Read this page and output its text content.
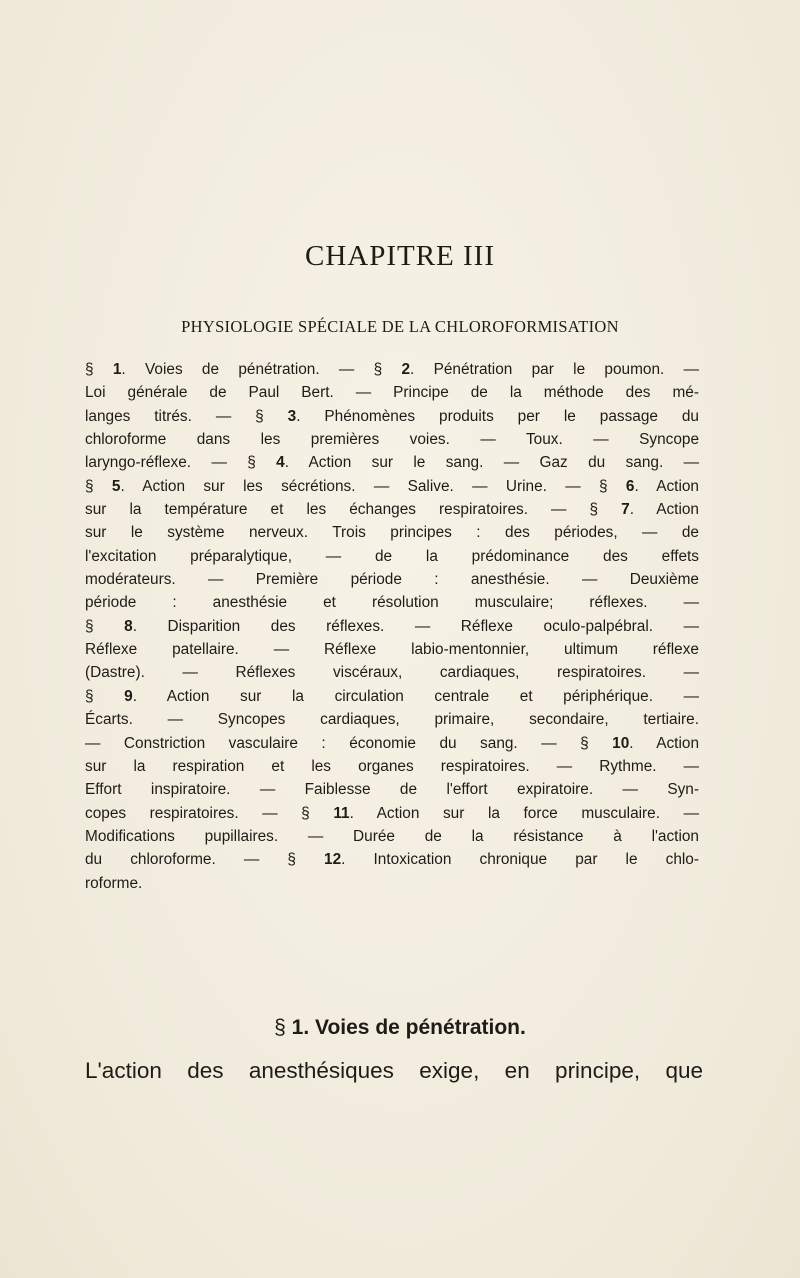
CHAPITRE III
PHYSIOLOGIE SPÉCIALE DE LA CHLOROFORMISATION
§ 1. Voies de pénétration. — § 2. Pénétration par le poumon. —
Loi générale de Paul Bert. — Principe de la méthode des mé-
langes titrés. — § 3. Phénomènes produits per le passage du
chloroforme dans les premières voies. — Toux. — Syncope
laryngo-réflexe. — § 4. Action sur le sang. — Gaz du sang. —
§ 5. Action sur les sécrétions. — Salive. — Urine. — § 6. Action
sur la température et les échanges respiratoires. — § 7. Action
sur le système nerveux. Trois principes : des périodes, — de
l'excitation préparalytique, — de la prédominance des effets
modérateurs. — Première période : anesthésie. — Deuxième
période : anesthésie et résolution musculaire; réflexes. —
§ 8. Disparition des réflexes. — Réflexe oculo-palpébral. —
Réflexe patellaire. — Réflexe labio-mentonnier, ultimum réflexe
(Dastre). — Réflexes viscéraux, cardiaques, respiratoires. —
§ 9. Action sur la circulation centrale et périphérique. —
Écarts. — Syncopes cardiaques, primaire, secondaire, tertiaire.
— Constriction vasculaire : économie du sang. — § 10. Action
sur la respiration et les organes respiratoires. — Rythme. —
Effort inspiratoire. — Faiblesse de l'effort expiratoire. — Syn-
copes respiratoires. — § 11. Action sur la force musculaire. —
Modifications pupillaires. — Durée de la résistance à l'action
du chloroforme. — § 12. Intoxication chronique par le chlo-
roforme.
§ 1. Voies de pénétration.

L'action des anesthésiques exige, en principe, que
